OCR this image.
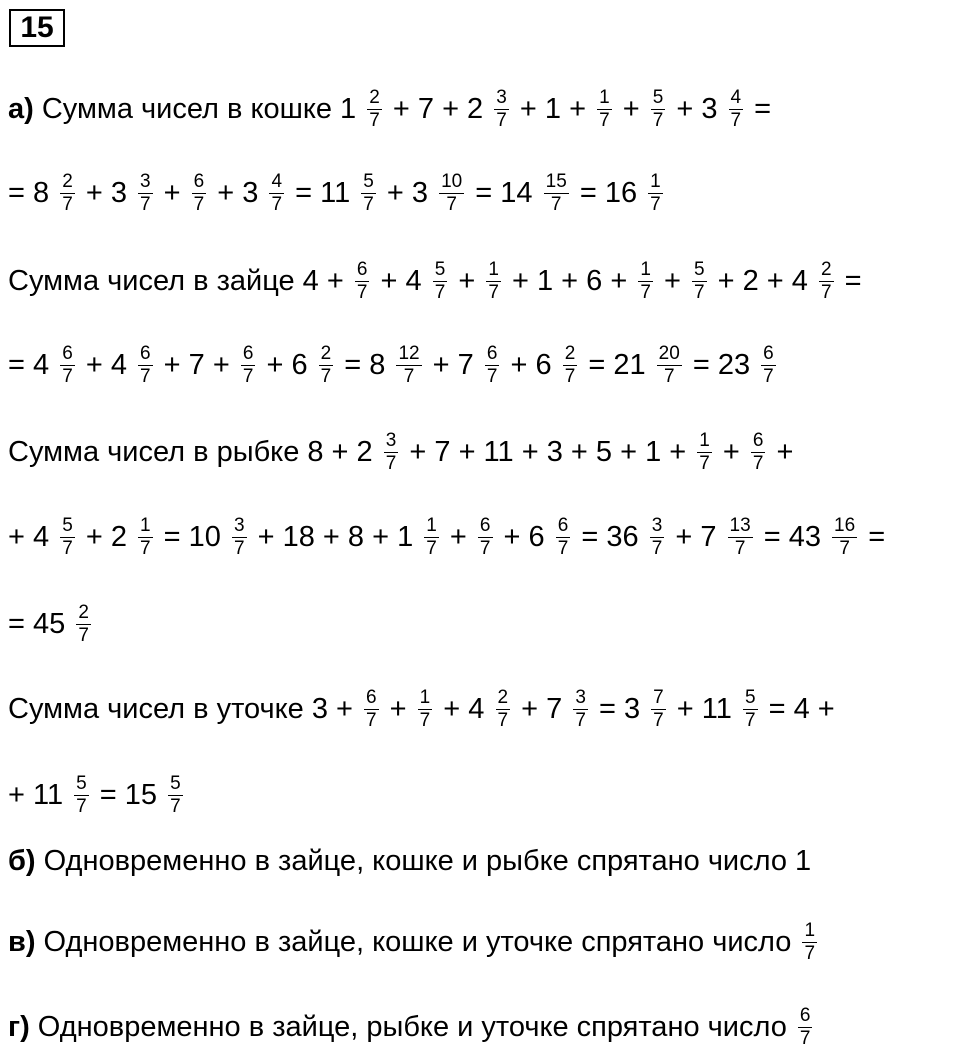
15
а) Сумма чисел в кошке $1 \frac{2}{7} + 7 + 2 \frac{3}{7} + 1 + \frac{1}{7} + \frac{5}{7} + 3 \frac{4}{7}$ =
= $8 \frac{2}{7} + 3 \frac{3}{7} + \frac{6}{7} + 3 \frac{4}{7} = 11 \frac{5}{7} + 3 \frac{10}{7} = 14 \frac{15}{7} = 16 \frac{1}{7}$
Сумма чисел в зайце $4 + \frac{6}{7} + 4 \frac{5}{7} + \frac{1}{7} + 1 + 6 + \frac{1}{7} + \frac{5}{7} + 2 + 4 \frac{2}{7}$ =
= $4 \frac{6}{7} + 4 \frac{6}{7} + 7 + \frac{6}{7} + 6 \frac{2}{7} = 8 \frac{12}{7} + 7 \frac{6}{7} + 6 \frac{2}{7} = 21 \frac{20}{7} = 23 \frac{6}{7}$
Сумма чисел в рыбке $8 + 2 \frac{3}{7} + 7 + 11 + 3 + 5 + 1 + \frac{1}{7} + \frac{6}{7}$ +
+ $4 \frac{5}{7} + 2 \frac{1}{7} = 10 \frac{3}{7} + 18 + 8 + 1 \frac{1}{7} + \frac{6}{7} + 6 \frac{6}{7} = 36 \frac{3}{7} + 7 \frac{13}{7} = 43 \frac{16}{7}$ =
= $45 \frac{2}{7}$
Сумма чисел в уточке $3 + \frac{6}{7} + \frac{1}{7} + 4 \frac{2}{7} + 7 \frac{3}{7} = 3 \frac{7}{7} + 11 \frac{5}{7} = 4$ +
+ $11 \frac{5}{7} = 15 \frac{5}{7}$
б) Одновременно в зайце, кошке и рыбке спрятано число 1
в) Одновременно в зайце, кошке и уточке спрятано число $\frac{1}{7}$
г) Одновременно в зайце, рыбке и уточке спрятано число $\frac{6}{7}$
